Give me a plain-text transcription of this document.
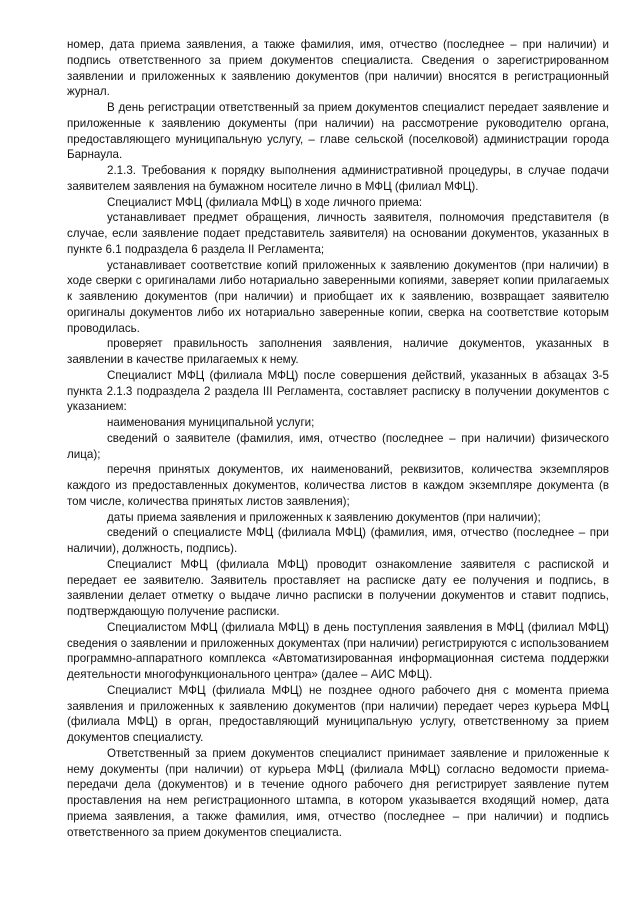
номер, дата приема заявления, а также фамилия, имя, отчество (последнее – при наличии) и подпись ответственного за прием документов специалиста. Сведения о зарегистрированном заявлении и приложенных к заявлению документов (при наличии) вносятся в регистрационный журнал.

В день регистрации ответственный за прием документов специалист передает заявление и приложенные к заявлению документы (при наличии) на рассмотрение руководителю органа, предоставляющего муниципальную услугу, – главе сельской (поселковой) администрации города Барнаула.

2.1.3. Требования к порядку выполнения административной процедуры, в случае подачи заявителем заявления на бумажном носителе лично в МФЦ (филиал МФЦ).

Специалист МФЦ (филиала МФЦ) в ходе личного приема:

устанавливает предмет обращения, личность заявителя, полномочия представителя (в случае, если заявление подает представитель заявителя) на основании документов, указанных в пункте 6.1 подраздела 6 раздела II Регламента;

устанавливает соответствие копий приложенных к заявлению документов (при наличии) в ходе сверки с оригиналами либо нотариально заверенными копиями, заверяет копии прилагаемых к заявлению документов (при наличии) и приобщает их к заявлению, возвращает заявителю оригиналы документов либо их нотариально заверенные копии, сверка на соответствие которым проводилась.

проверяет правильность заполнения заявления, наличие документов, указанных в заявлении в качестве прилагаемых к нему.

Специалист МФЦ (филиала МФЦ) после совершения действий, указанных в абзацах 3-5 пункта 2.1.3 подраздела 2 раздела III Регламента, составляет расписку в получении документов с указанием:

наименования муниципальной услуги;

сведений о заявителе (фамилия, имя, отчество (последнее – при наличии) физического лица);

перечня принятых документов, их наименований, реквизитов, количества экземпляров каждого из предоставленных документов, количества листов в каждом экземпляре документа (в том числе, количества принятых листов заявления);

даты приема заявления и приложенных к заявлению документов (при наличии);

сведений о специалисте МФЦ (филиала МФЦ) (фамилия, имя, отчество (последнее – при наличии), должность, подпись).

Специалист МФЦ (филиала МФЦ) проводит ознакомление заявителя с распиской и передает ее заявителю. Заявитель проставляет на расписке дату ее получения и подпись, в заявлении делает отметку о выдаче лично расписки в получении документов и ставит подпись, подтверждающую получение расписки.

Специалистом МФЦ (филиала МФЦ) в день поступления заявления в МФЦ (филиал МФЦ) сведения о заявлении и приложенных документах (при наличии) регистрируются с использованием программно-аппаратного комплекса «Автоматизированная информационная система поддержки деятельности многофункционального центра» (далее – АИС МФЦ).

Специалист МФЦ (филиала МФЦ) не позднее одного рабочего дня с момента приема заявления и приложенных к заявлению документов (при наличии) передает через курьера МФЦ (филиала МФЦ) в орган, предоставляющий муниципальную услугу, ответственному за прием документов специалисту.

Ответственный за прием документов специалист принимает заявление и приложенные к нему документы (при наличии) от курьера МФЦ (филиала МФЦ) согласно ведомости приема-передачи дела (документов) и в течение одного рабочего дня регистрирует заявление путем проставления на нем регистрационного штампа, в котором указывается входящий номер, дата приема заявления, а также фамилия, имя, отчество (последнее – при наличии) и подпись ответственного за прием документов специалиста.
